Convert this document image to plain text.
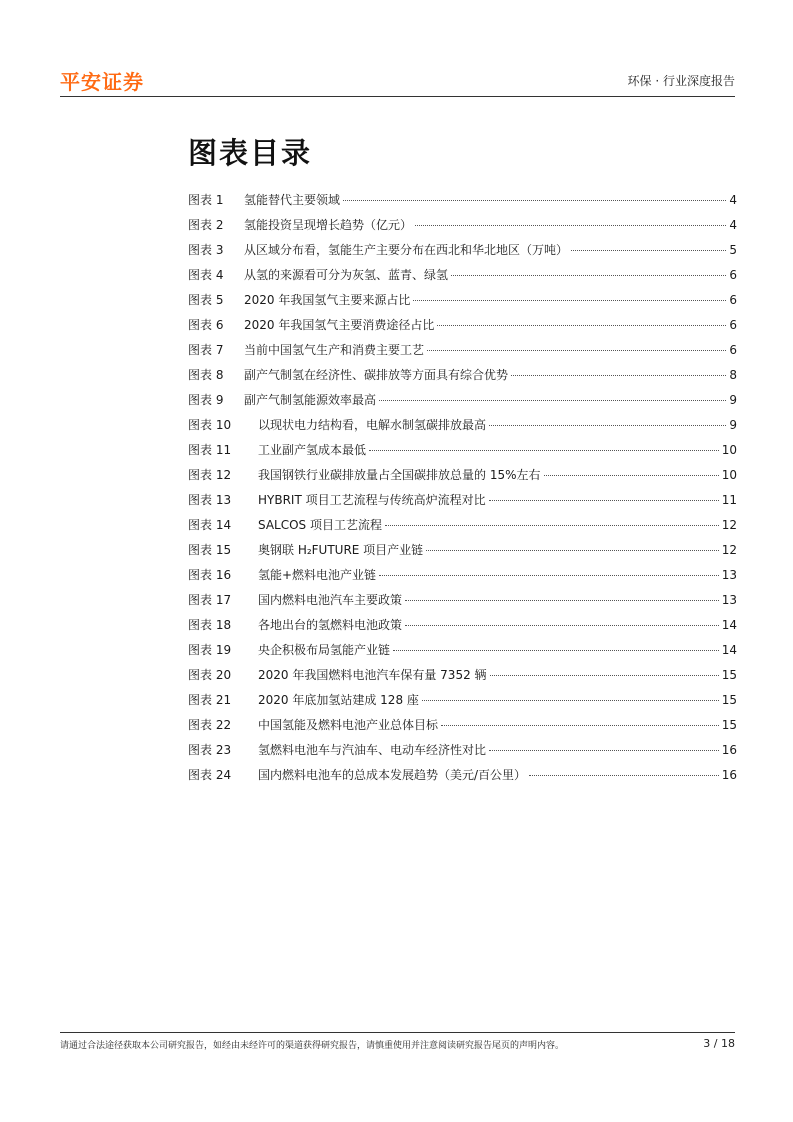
平安证券	环保 · 行业深度报告
图表目录
图表 1	氢能替代主要领域	4
图表 2	氢能投资呈现增长趋势（亿元）	4
图表 3	从区域分布看，氢能生产主要分布在西北和华北地区（万吨）	5
图表 4	从氢的来源看可分为灰氢、蓝青、绿氢	6
图表 5	2020 年我国氢气主要来源占比	6
图表 6	2020 年我国氢气主要消费途径占比	6
图表 7	当前中国氢气生产和消费主要工艺	6
图表 8	副产气制氢在经济性、碳排放等方面具有综合优势	8
图表 9	副产气制氢能源效率最高	9
图表 10	以现状电力结构看，电解水制氢碳排放最高	9
图表 11	工业副产氢成本最低	10
图表 12	我国钢铁行业碳排放量占全国碳排放总量的 15%左右	10
图表 13	HYBRIT 项目工艺流程与传统高炉流程对比	11
图表 14	SALCOS 项目工艺流程	12
图表 15	奥钢联 H₂FUTURE 项目产业链	12
图表 16	氢能+燃料电池产业链	13
图表 17	国内燃料电池汽车主要政策	13
图表 18	各地出台的氢燃料电池政策	14
图表 19	央企积极布局氢能产业链	14
图表 20	2020 年我国燃料电池汽车保有量 7352 辆	15
图表 21	2020 年底加氢站建成 128 座	15
图表 22	中国氢能及燃料电池产业总体目标	15
图表 23	氢燃料电池车与汽油车、电动车经济性对比	16
图表 24	国内燃料电池车的总成本发展趋势（美元/百公里）	16
请通过合法途径获取本公司研究报告，如经由未经许可的渠道获得研究报告，请慎重使用并注意阅读研究报告尾页的声明内容。	3 / 18
